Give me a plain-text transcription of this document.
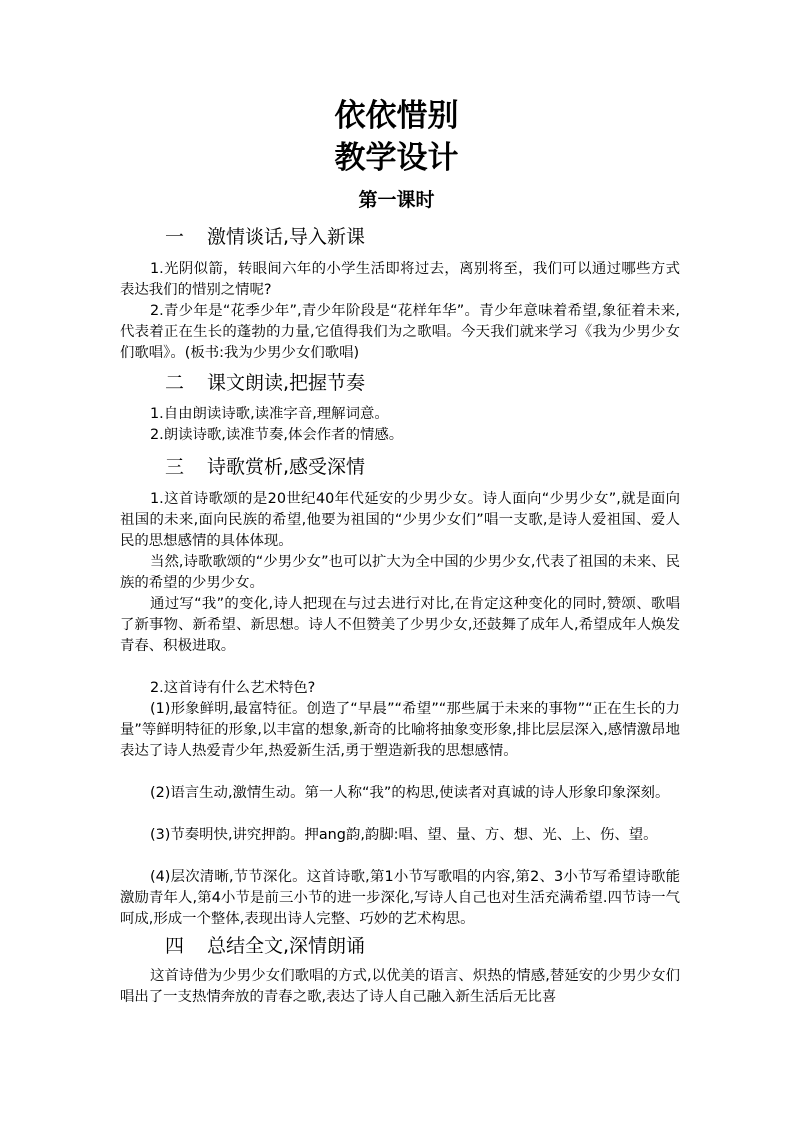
依依惜别
教学设计
第一课时
一 激情谈话,导入新课
1.光阴似箭，转眼间六年的小学生活即将过去，离别将至，我们可以通过哪些方式表达我们的惜别之情呢?
2.青少年是“花季少年”,青少年阶段是“花样年华”。青少年意味着希望,象征着未来,代表着正在生长的蓬勃的力量,它值得我们为之歌唱。今天我们就来学习《我为少男少女们歌唱》。(板书:我为少男少女们歌唱)
二 课文朗读,把握节奏
1.自由朗读诗歌,读准字音,理解词意。
2.朗读诗歌,读准节奏,体会作者的情感。
三 诗歌赏析,感受深情
1.这首诗歌颂的是20世纪40年代延安的少男少女。诗人面向“少男少女”,就是面向祖国的未来,面向民族的希望,他要为祖国的“少男少女们”唱一支歌,是诗人爱祖国、爱人民的思想感情的具体体现。
当然,诗歌歌颂的“少男少女”也可以扩大为全中国的少男少女,代表了祖国的未来、民族的希望的少男少女。
通过写“我”的变化,诗人把现在与过去进行对比,在肯定这种变化的同时,赞颂、歌唱了新事物、新希望、新思想。诗人不但赞美了少男少女,还鼓舞了成年人,希望成年人焕发青春、积极进取。
2.这首诗有什么艺术特色?
(1)形象鲜明,最富特征。创造了“早晨”“希望”“那些属于未来的事物”“正在生长的力量”等鲜明特征的形象,以丰富的想象,新奇的比喻将抽象变形象,排比层层深入,感情激昂地表达了诗人热爱青少年,热爱新生活,勇于塑造新我的思想感情。
(2)语言生动,激情生动。第一人称“我”的构思,使读者对真诚的诗人形象印象深刻。
(3)节奏明快,讲究押韵。押ang韵,韵脚:唱、望、量、方、想、光、上、伤、望。
(4)层次清晰,节节深化。这首诗歌,第1小节写歌唱的内容,第2、3小节写希望诗歌能激励青年人,第4小节是前三小节的进一步深化,写诗人自己也对生活充满希望.四节诗一气呵成,形成一个整体,表现出诗人完整、巧妙的艺术构思。
四 总结全文,深情朗诵
这首诗借为少男少女们歌唱的方式,以优美的语言、炽热的情感,替延安的少男少女们唱出了一支热情奔放的青春之歌,表达了诗人自己融入新生活后无比喜
